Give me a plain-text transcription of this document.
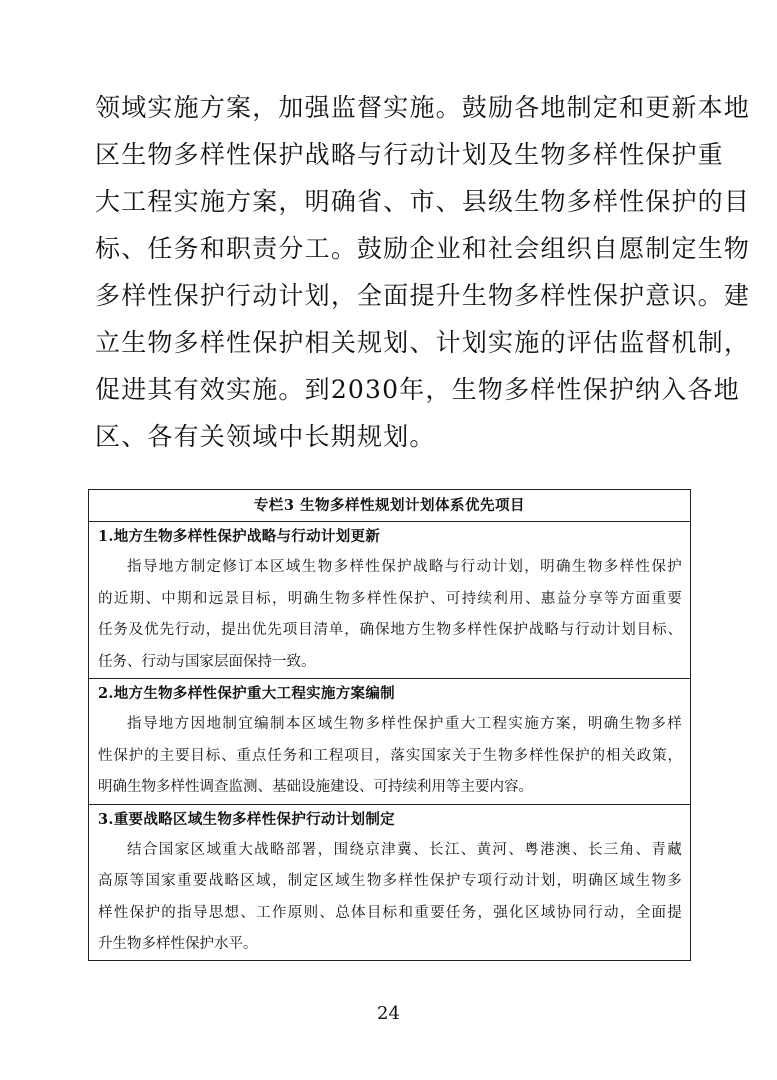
领 域 实 施 方 案 ， 加 强 监 督 实 施 。 鼓 励 各 地 制 定 和 更 新 本 地
区 生 物 多 样 性 保 护 战 略 与 行 动 计 划 及 生 物 多 样 性 保 护 重
大 工 程 实 施 方 案 ， 明 确 省 、 市 、 县 级 生 物 多 样 性 保 护 的 目
标 、 任 务 和 职 责 分 工 。 鼓 励 企 业 和 社 会 组 织 自 愿 制 定 生 物
多 样 性 保 护 行 动 计 划 ， 全 面 提 升 生 物 多 样 性 保 护 意 识 。 建
立 生 物 多 样 性 保 护 相 关 规 划 、 计 划 实 施 的 评 估 监 督 机 制 ，
促 进 其 有 效 实 施 。 到 2030 年 ， 生 物 多 样 性 保 护 纳 入 各 地
区、各有关领域中长期规划。
专栏3 生物多样性规划计划体系优先项目
1.地方生物多样性保护战略与行动计划更新
指 导 地 方 制 定 修 订 本 区 域 生 物 多 样 性 保 护 战 略 与 行 动 计 划 ， 明 确 生 物 多 样 性 保 护
的 近 期 、 中 期 和 远 景 目 标 ， 明 确 生 物 多 样 性 保 护 、 可 持 续 利 用 、 惠 益 分 享 等 方 面 重 要
任 务 及 优 先 行 动 ， 提 出 优 先 项 目 清 单 ， 确 保 地 方 生 物 多 样 性 保 护 战 略 与 行 动 计 划 目 标 、
任务、行动与国家层面保持一致。
2.地方生物多样性保护重大工程实施方案编制
指 导 地 方 因 地 制 宜 编 制 本 区 域 生 物 多 样 性 保 护 重 大 工 程 实 施 方 案 ， 明 确 生 物 多 样
性 保 护 的 主 要 目 标 、 重 点 任 务 和 工 程 项 目 ， 落 实 国 家 关 于 生 物 多 样 性 保 护 的 相 关 政 策 ，
明确生物多样性调查监测、基础设施建设、可持续利用等主要内容。
3.重要战略区域生物多样性保护行动计划制定
结 合 国 家 区 域 重 大 战 略 部 署 ， 围 绕 京 津 冀 、 长 江 、 黄 河 、 粤 港 澳 、 长 三 角 、 青 藏
高 原 等 国 家 重 要 战 略 区 域 ， 制 定 区 域 生 物 多 样 性 保 护 专 项 行 动 计 划 ， 明 确 区 域 生 物 多
样 性 保 护 的 指 导 思 想 、 工 作 原 则 、 总 体 目 标 和 重 要 任 务 ， 强 化 区 域 协 同 行 动 ， 全 面 提
升生物多样性保护水平。
24
